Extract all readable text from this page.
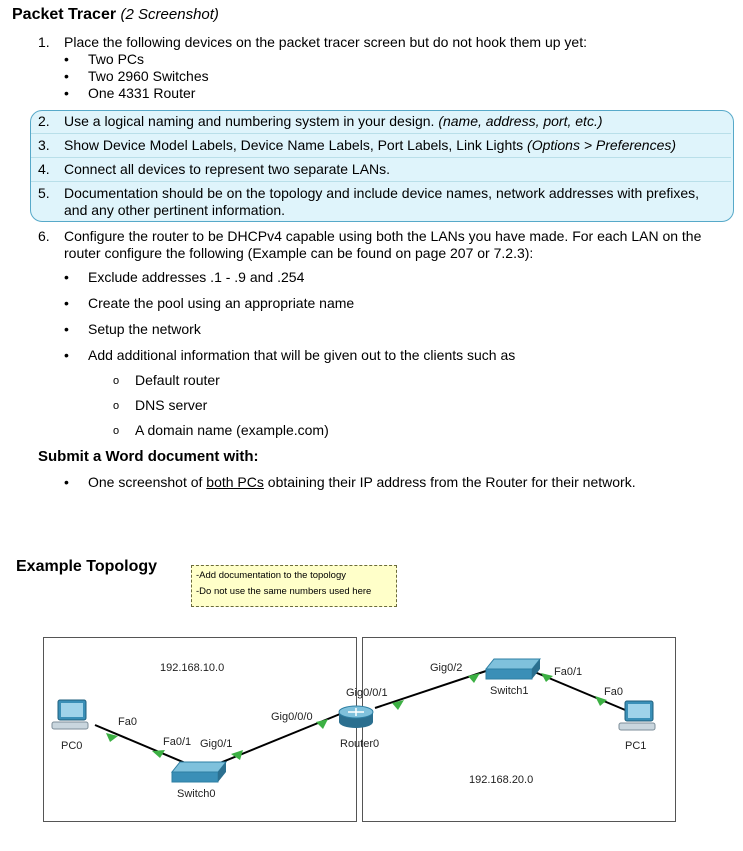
Packet Tracer (2 Screenshot)
1.	Place the following devices on the packet tracer screen but do not hook them up yet:
• Two PCs
• Two 2960 Switches
• One 4331 Router
2.	Use a logical naming and numbering system in your design. (name, address, port, etc.)
3.	Show Device Model Labels, Device Name Labels, Port Labels, Link Lights (Options > Preferences)
4.	Connect all devices to represent two separate LANs.
5.	Documentation should be on the topology and include device names, network addresses with prefixes,
and any other pertinent information.
6.	Configure the router to be DHCPv4 capable using both the LANs you have made. For each LAN on the
router configure the following (Example can be found on page 207 or 7.2.3):
• Exclude addresses .1 - .9 and .254
• Create the pool using an appropriate name
• Setup the network
• Add additional information that will be given out to the clients such as
o Default router
o DNS server
o A domain name (example.com)
Submit a Word document with:
• One screenshot of both PCs obtaining their IP address from the Router for their network.
Example Topology
-Add documentation to the topology
-Do not use the same numbers used here
192.168.10.0
192.168.20.0
PC0	PC1
Switch0
Switch1
Router0
Fa0
Fa0/1 Gig0/1
Gig0/0/0
Gig0/0/1
Gig0/2	Fa0/1
Fa0
